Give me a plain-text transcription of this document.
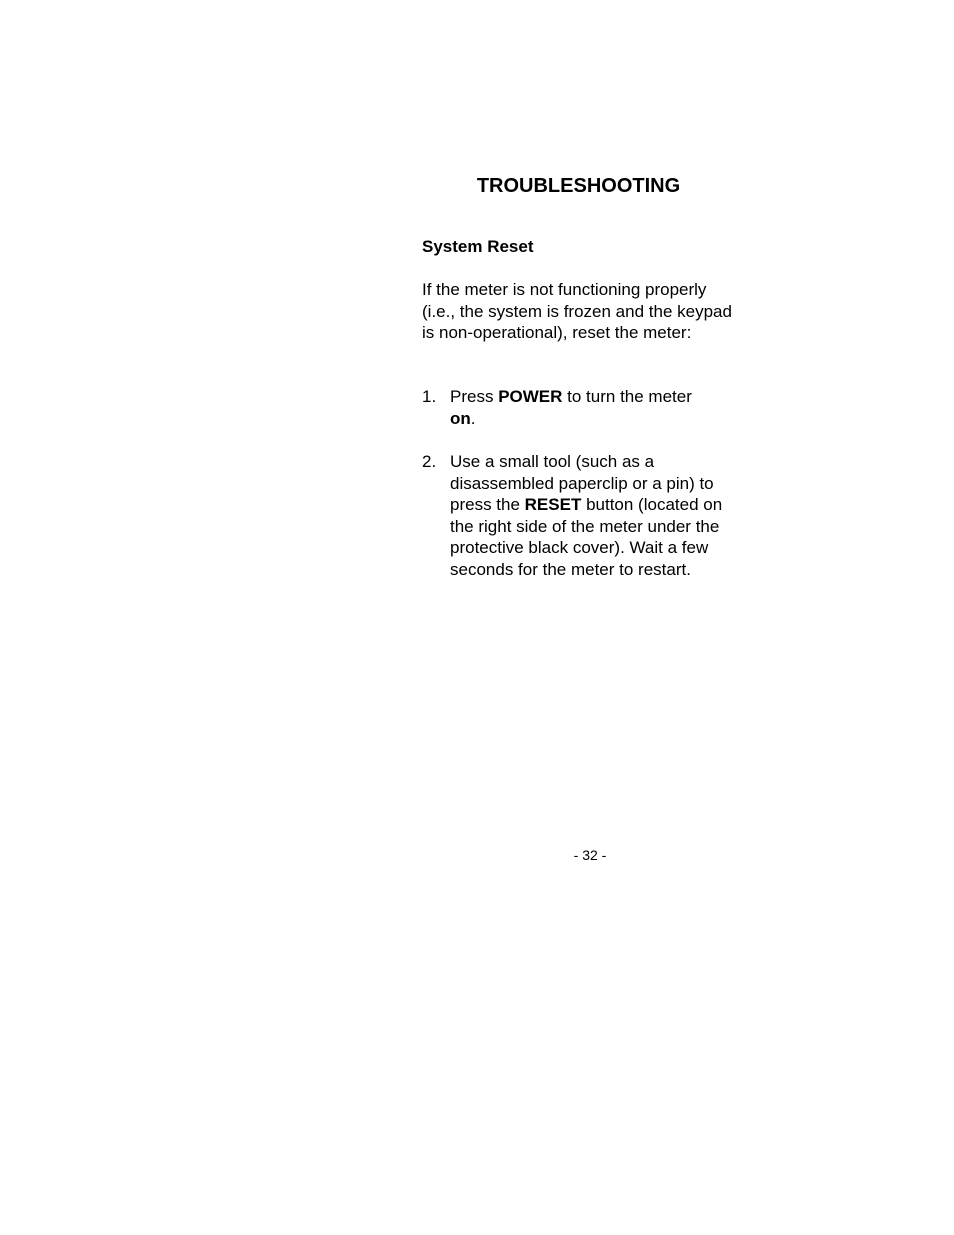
TROUBLESHOOTING
System Reset

If the meter is not functioning properly (i.e., the system is frozen and the keypad is non-operational), reset the meter:

1. Press POWER to turn the meter
on.
2. Use a small tool (such as a disassembled paperclip or a pin) to press the RESET button (located on the right side of the meter under the protective black cover). Wait a few seconds for the meter to restart.
- 32 -
